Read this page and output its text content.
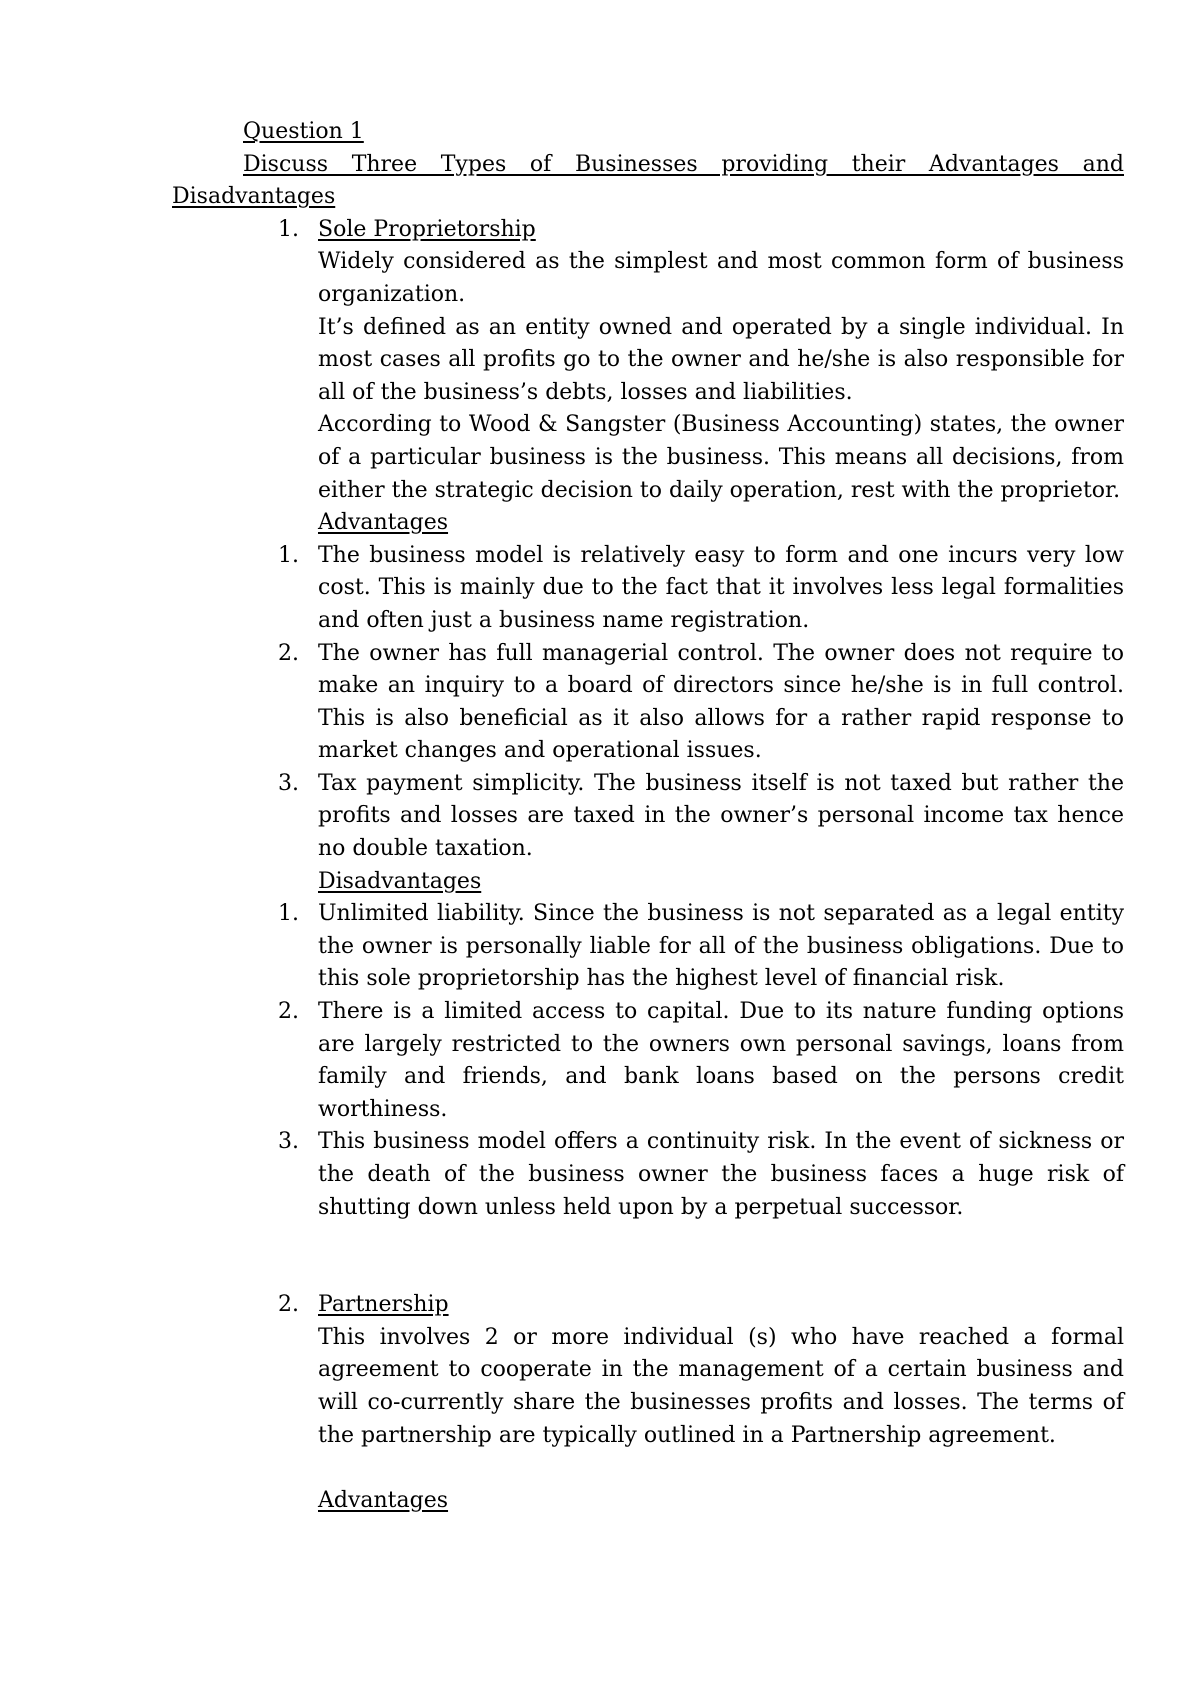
Question 1
Discuss Three Types of Businesses providing their Advantages and Disadvantages
1. Sole Proprietorship
Widely considered as the simplest and most common form of business organization.
It’s defined as an entity owned and operated by a single individual. In most cases all profits go to the owner and he/she is also responsible for all of the business’s debts, losses and liabilities.
According to Wood & Sangster (Business Accounting) states, the owner of a particular business is the business. This means all decisions, from either the strategic decision to daily operation, rest with the proprietor.
Advantages
1. The business model is relatively easy to form and one incurs very low cost. This is mainly due to the fact that it involves less legal formalities and often just a business name registration.
2. The owner has full managerial control. The owner does not require to make an inquiry to a board of directors since he/she is in full control. This is also beneficial as it also allows for a rather rapid response to market changes and operational issues.
3. Tax payment simplicity. The business itself is not taxed but rather the profits and losses are taxed in the owner’s personal income tax hence no double taxation.
Disadvantages
1. Unlimited liability. Since the business is not separated as a legal entity the owner is personally liable for all of the business obligations. Due to this sole proprietorship has the highest level of financial risk.
2. There is a limited access to capital. Due to its nature funding options are largely restricted to the owners own personal savings, loans from family and friends, and bank loans based on the persons credit worthiness.
3. This business model offers a continuity risk. In the event of sickness or the death of the business owner the business faces a huge risk of shutting down unless held upon by a perpetual successor.
2. Partnership
This involves 2 or more individual (s) who have reached a formal agreement to cooperate in the management of a certain business and will co-currently share the businesses profits and losses. The terms of the partnership are typically outlined in a Partnership agreement.
Advantages
